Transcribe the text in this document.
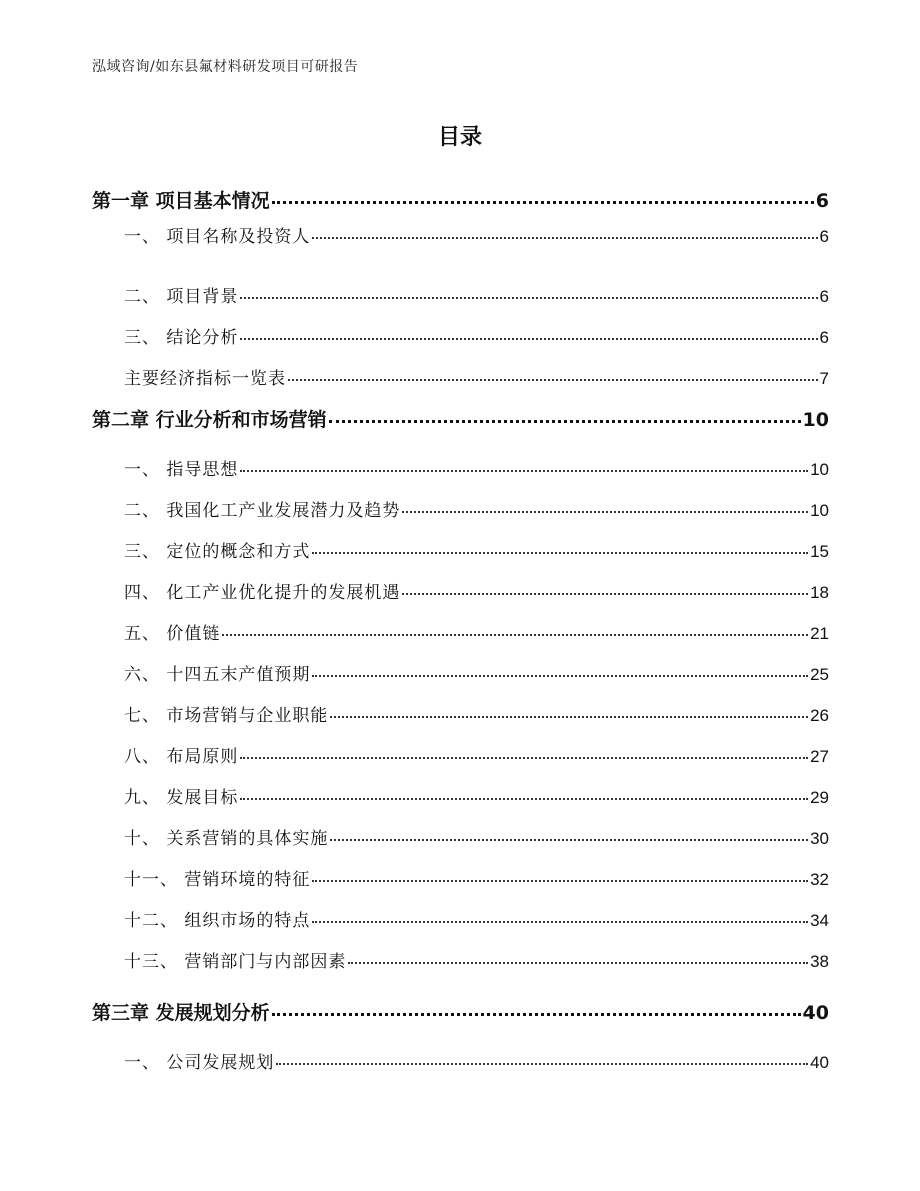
泓域咨询/如东县氟材料研发项目可研报告
目录
第一章 项目基本情况	6
一、 项目名称及投资人	6
二、 项目背景	6
三、 结论分析	6
主要经济指标一览表	7
第二章 行业分析和市场营销	10
一、 指导思想	10
二、 我国化工产业发展潜力及趋势	10
三、 定位的概念和方式	15
四、 化工产业优化提升的发展机遇	18
五、 价值链	21
六、 十四五末产值预期	25
七、 市场营销与企业职能	26
八、 布局原则	27
九、 发展目标	29
十、 关系营销的具体实施	30
十一、 营销环境的特征	32
十二、 组织市场的特点	34
十三、 营销部门与内部因素	38
第三章 发展规划分析	40
一、 公司发展规划	40
